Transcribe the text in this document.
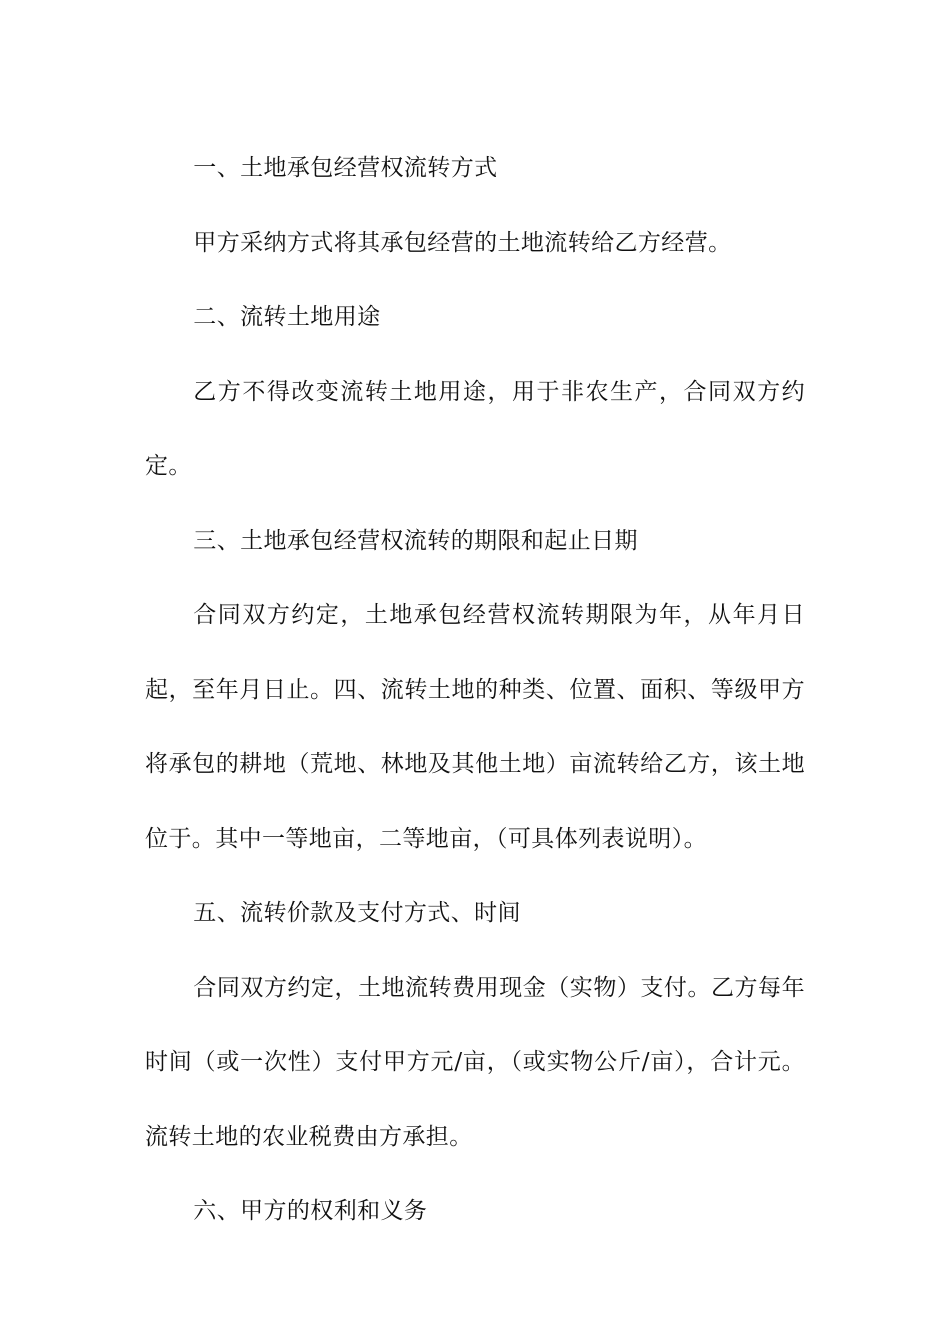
一、土地承包经营权流转方式

甲方采纳方式将其承包经营的土地流转给乙方经营。

二、流转土地用途

乙方不得改变流转土地用途，用于非农生产，合同双方约定。

三、土地承包经营权流转的期限和起止日期

合同双方约定，土地承包经营权流转期限为年，从年月日起，至年月日止。四、流转土地的种类、位置、面积、等级甲方将承包的耕地（荒地、林地及其他土地）亩流转给乙方，该土地位于。其中一等地亩，二等地亩，（可具体列表说明）。

五、流转价款及支付方式、时间

合同双方约定，土地流转费用现金（实物）支付。乙方每年时间（或一次性）支付甲方元/亩，（或实物公斤/亩），合计元。流转土地的农业税费由方承担。

六、甲方的权利和义务
